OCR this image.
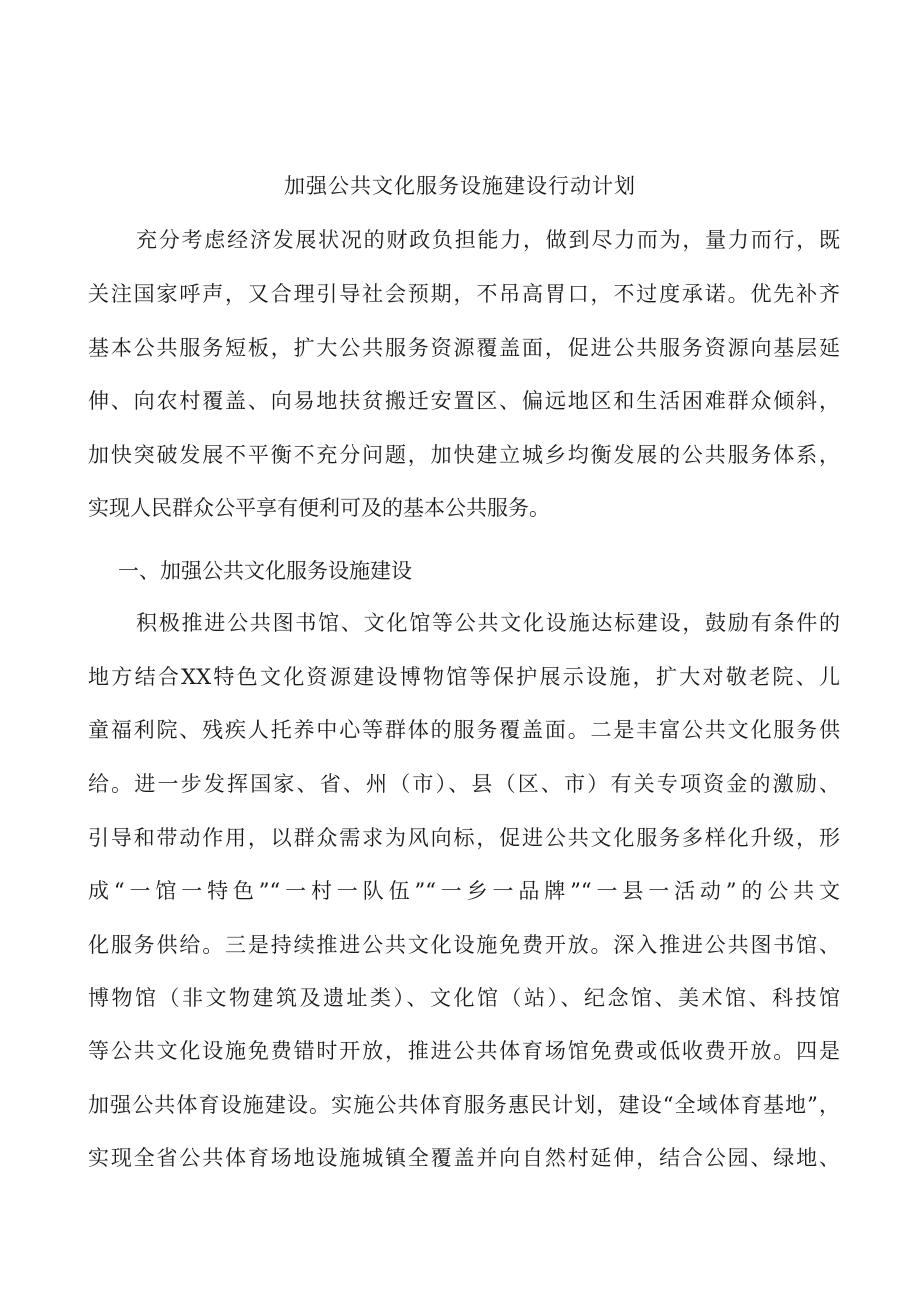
加强公共文化服务设施建设行动计划
充分考虑经济发展状况的财政负担能力，做到尽力而为，量力而行，既
关注国家呼声，又合理引导社会预期，不吊高胃口，不过度承诺。优先补齐
基本公共服务短板，扩大公共服务资源覆盖面，促进公共服务资源向基层延
伸、向农村覆盖、向易地扶贫搬迁安置区、偏远地区和生活困难群众倾斜，
加快突破发展不平衡不充分问题，加快建立城乡均衡发展的公共服务体系，
实现人民群众公平享有便利可及的基本公共服务。
一、加强公共文化服务设施建设
积极推进公共图书馆、文化馆等公共文化设施达标建设，鼓励有条件的
地方结合XX特色文化资源建设博物馆等保护展示设施，扩大对敬老院、儿
童福利院、残疾人托养中心等群体的服务覆盖面。二是丰富公共文化服务供
给。进一步发挥国家、省、州（市）、县（区、市）有关专项资金的激励、
引导和带动作用，以群众需求为风向标，促进公共文化服务多样化升级，形
成“一馆一特色”“一村一队伍”“一乡一品牌”“一县一活动”的公共文
化服务供给。三是持续推进公共文化设施免费开放。深入推进公共图书馆、
博物馆（非文物建筑及遗址类）、文化馆（站）、纪念馆、美术馆、科技馆
等公共文化设施免费错时开放，推进公共体育场馆免费或低收费开放。四是
加强公共体育设施建设。实施公共体育服务惠民计划，建设“全域体育基地”，
实现全省公共体育场地设施城镇全覆盖并向自然村延伸，结合公园、绿地、
